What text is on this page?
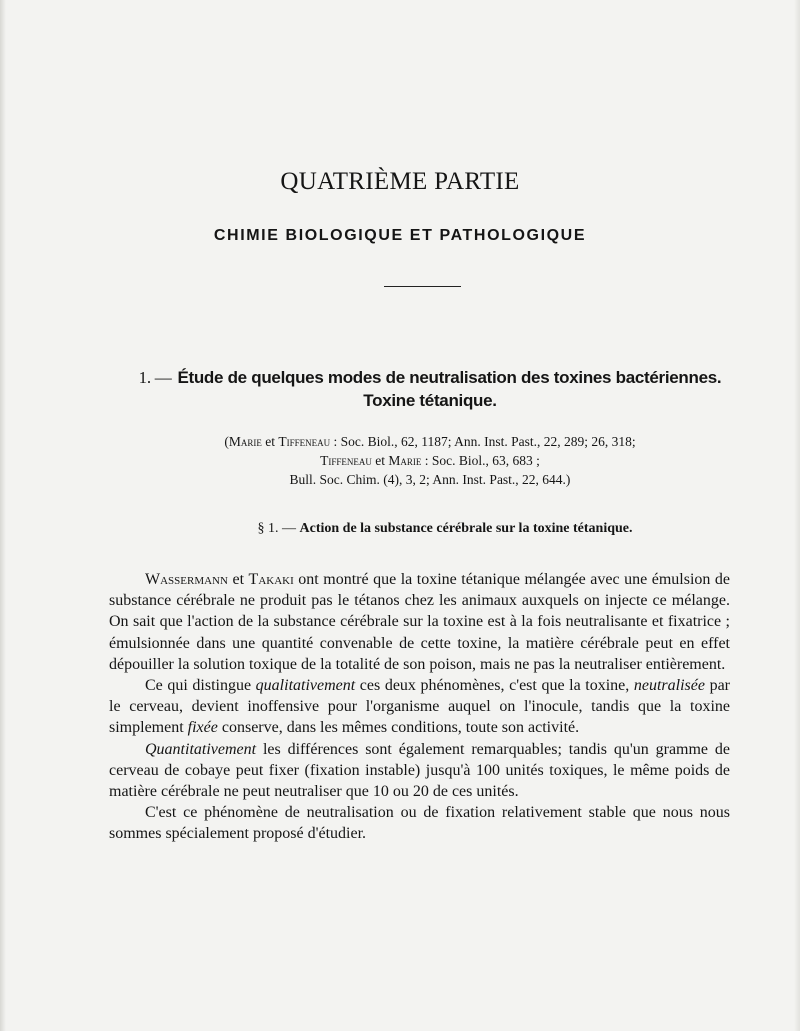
QUATRIÈME PARTIE
CHIMIE BIOLOGIQUE ET PATHOLOGIQUE
1. — Étude de quelques modes de neutralisation des toxines bactériennes.
Toxine tétanique.

(Marie et Tiffeneau : Soc. Biol., 62, 1187; Ann. Inst. Past., 22, 289; 26, 318;

Tiffeneau et Marie : Soc. Biol., 63, 683 ;

Bull. Soc. Chim. (4), 3, 2; Ann. Inst. Past., 22, 644.)

§ 1. — Action de la substance cérébrale sur la toxine tétanique.

Wassermann et Takaki ont montré que la toxine tétanique mélangée avec une émulsion de substance cérébrale ne produit pas le tétanos chez les animaux auxquels on injecte ce mélange. On sait que l'action de la substance cérébrale sur la toxine est à la fois neutralisante et fixatrice ; émulsionnée dans une quantité convenable de cette toxine, la matière cérébrale peut en effet dépouiller la solution toxique de la totalité de son poison, mais ne pas la neutraliser entièrement.

Ce qui distingue qualitativement ces deux phénomènes, c'est que la toxine, neutralisée par le cerveau, devient inoffensive pour l'organisme auquel on l'inocule, tandis que la toxine simplement fixée conserve, dans les mêmes conditions, toute son activité.

Quantitativement les différences sont également remarquables; tandis qu'un gramme de cerveau de cobaye peut fixer (fixation instable) jusqu'à 100 unités toxiques, le même poids de matière cérébrale ne peut neutraliser que 10 ou 20 de ces unités.

C'est ce phénomène de neutralisation ou de fixation relativement stable que nous nous sommes spécialement proposé d'étudier.
